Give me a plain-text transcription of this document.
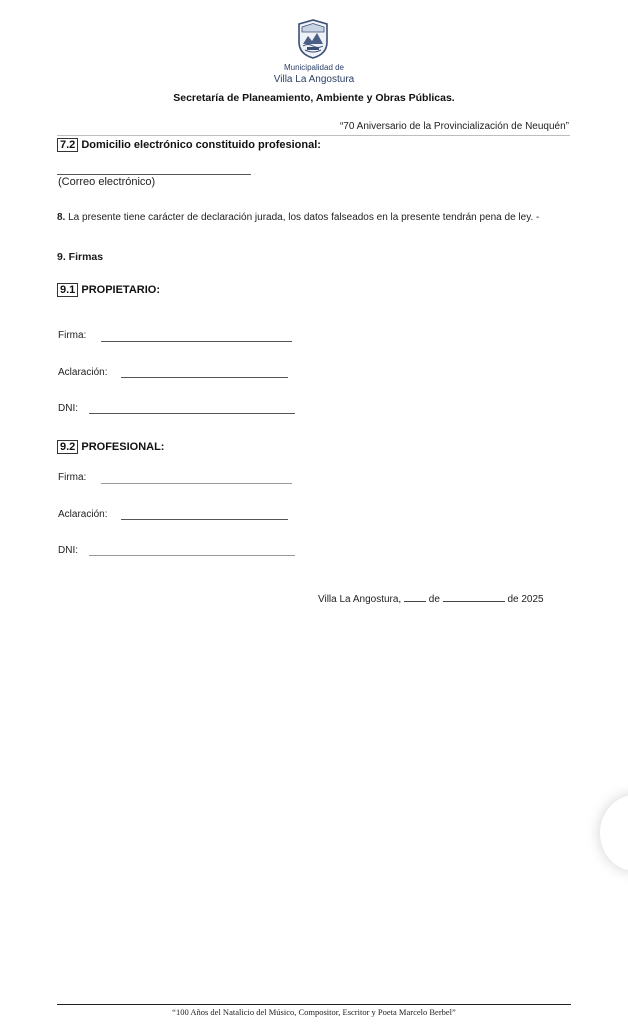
Municipalidad de
Villa La Angostura
Secretaría de Planeamiento, Ambiente y Obras Públicas.
“70 Aniversario de la Provincialización de Neuquén”
7.2 Domicilio electrónico constituido profesional:
(Correo electrónico)
8. La presente tiene carácter de declaración jurada, los datos falseados en la presente tendrán pena de ley. -
9. Firmas
9.1 PROPIETARIO:
Firma:
Aclaración:
DNI:
9.2 PROFESIONAL:
Firma:
Aclaración:
DNI:
Villa La Angostura,	de	de 2025
“100 Años del Natalicio del Músico, Compositor, Escritor y Poeta Marcelo Berbel”
